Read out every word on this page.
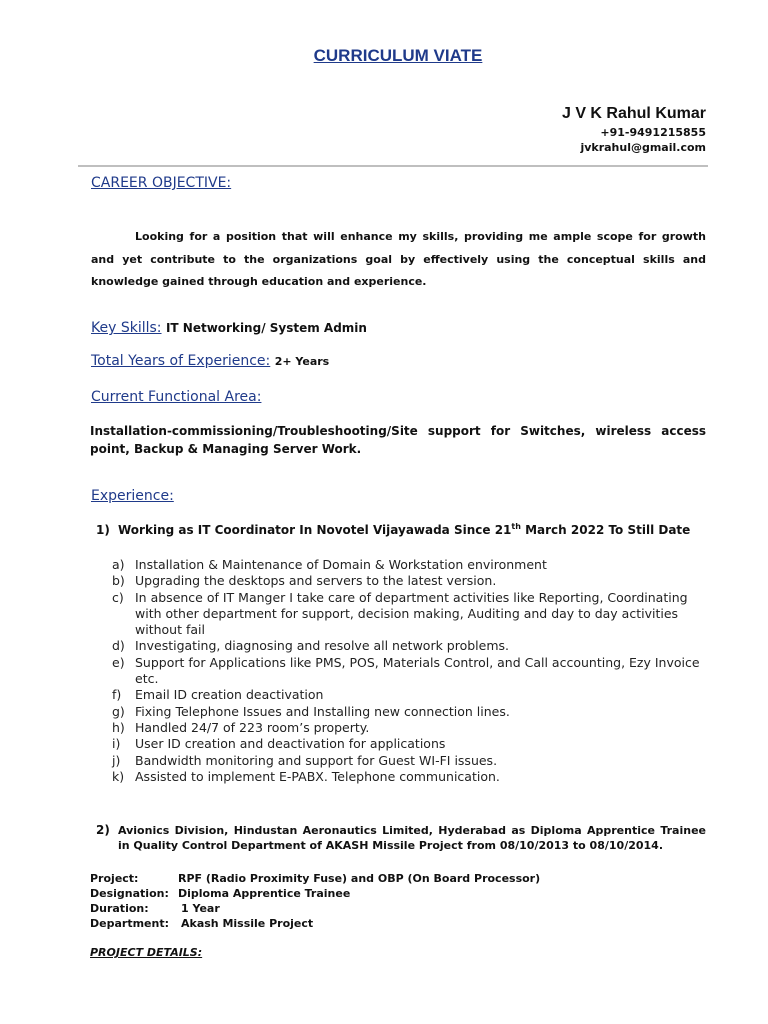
CURRICULUM VIATE
J V K Rahul Kumar
+91-9491215855
jvkrahul@gmail.com
CAREER OBJECTIVE:
Looking for a position that will enhance my skills, providing me ample scope for growth and yet contribute to the organizations goal by effectively using the conceptual skills and knowledge gained through education and experience.
Key Skills: IT Networking/ System Admin
Total Years of Experience: 2+ Years
Current Functional Area:
Installation-commissioning/Troubleshooting/Site support for Switches, wireless access point, Backup & Managing Server Work.
Experience:
1) Working as IT Coordinator In Novotel Vijayawada Since 21th March 2022 To Still Date
a) Installation & Maintenance of Domain & Workstation environment
b) Upgrading the desktops and servers to the latest version.
c) In absence of IT Manger I take care of department activities like Reporting, Coordinating with other department for support, decision making, Auditing and day to day activities without fail
d) Investigating, diagnosing and resolve all network problems.
e) Support for Applications like PMS, POS, Materials Control, and Call accounting, Ezy Invoice etc.
f)	Email ID creation deactivation
g) Fixing Telephone Issues and Installing new connection lines.
h) Handled 24/7 of 223 room’s property.
i)	User ID creation and deactivation for applications
j)	Bandwidth monitoring and support for Guest WI-FI issues.
k) Assisted to implement E-PABX. Telephone communication.
2) Avionics Division, Hindustan Aeronautics Limited, Hyderabad as Diploma Apprentice Trainee in Quality Control Department of AKASH Missile Project from 08/10/2013 to 08/10/2014.
Project:	RPF (Radio Proximity Fuse) and OBP (On Board Processor)
Designation: Diploma Apprentice Trainee
Duration:	1 Year
Department:	Akash Missile Project
PROJECT DETAILS:
